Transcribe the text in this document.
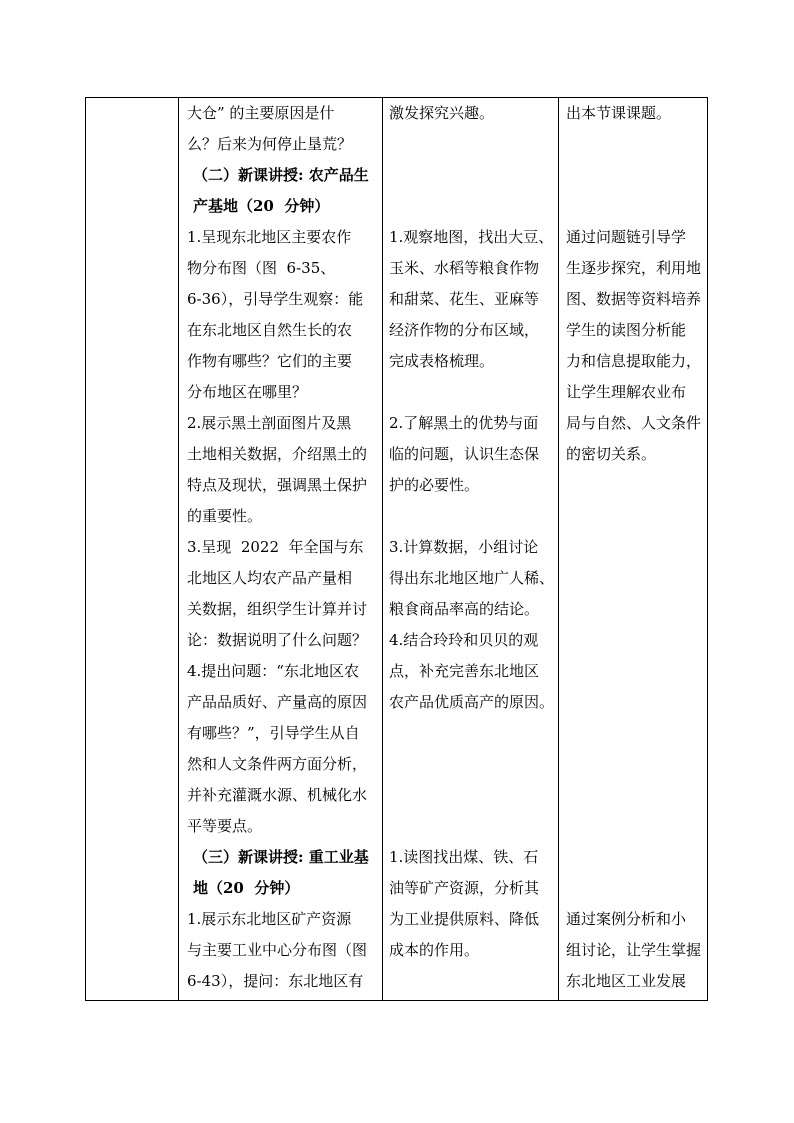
大仓” 的主要原因是什
么？后来为何停止垦荒？

（二）新课讲授: 农产品生
产基地（20  分钟）

1.呈现东北地区主要农作
物分布图（图  6-35、
6-36），引导学生观察：能
在东北地区自然生长的农
作物有哪些？它们的主要
分布地区在哪里？

2.展示黑土剖面图片及黑
土地相关数据，介绍黑土的
特点及现状，强调黑土保护
的重要性。

3.呈现  2022  年全国与东
北地区人均农产品产量相
关数据，组织学生计算并讨
论：数据说明了什么问题？

4.提出问题：“东北地区农
产品品质好、产量高的原因
有哪些？”，引导学生从自
然和人文条件两方面分析，
并补充灌溉水源、机械化水
平等要点。

（三）新课讲授: 重工业基
地（20  分钟）

1.展示东北地区矿产资源
与主要工业中心分布图（图
6-43），提问：东北地区有

激发探究兴趣。

1.观察地图，找出大豆、
玉米、水稻等粮食作物
和甜菜、花生、亚麻等
经济作物的分布区域，
完成表格梳理。

2.了解黑土的优势与面
临的问题，认识生态保
护的必要性。

3.计算数据，小组讨论
得出东北地区地广人稀、
粮食商品率高的结论。

4.结合玲玲和贝贝的观
点，补充完善东北地区
农产品优质高产的原因。

1.读图找出煤、铁、石
油等矿产资源，分析其
为工业提供原料、降低
成本的作用。

出本节课课题。

通过问题链引导学
生逐步探究，利用地
图、数据等资料培养
学生的读图分析能
力和信息提取能力，
让学生理解农业布
局与自然、人文条件
的密切关系。

通过案例分析和小
组讨论，让学生掌握
东北地区工业发展
